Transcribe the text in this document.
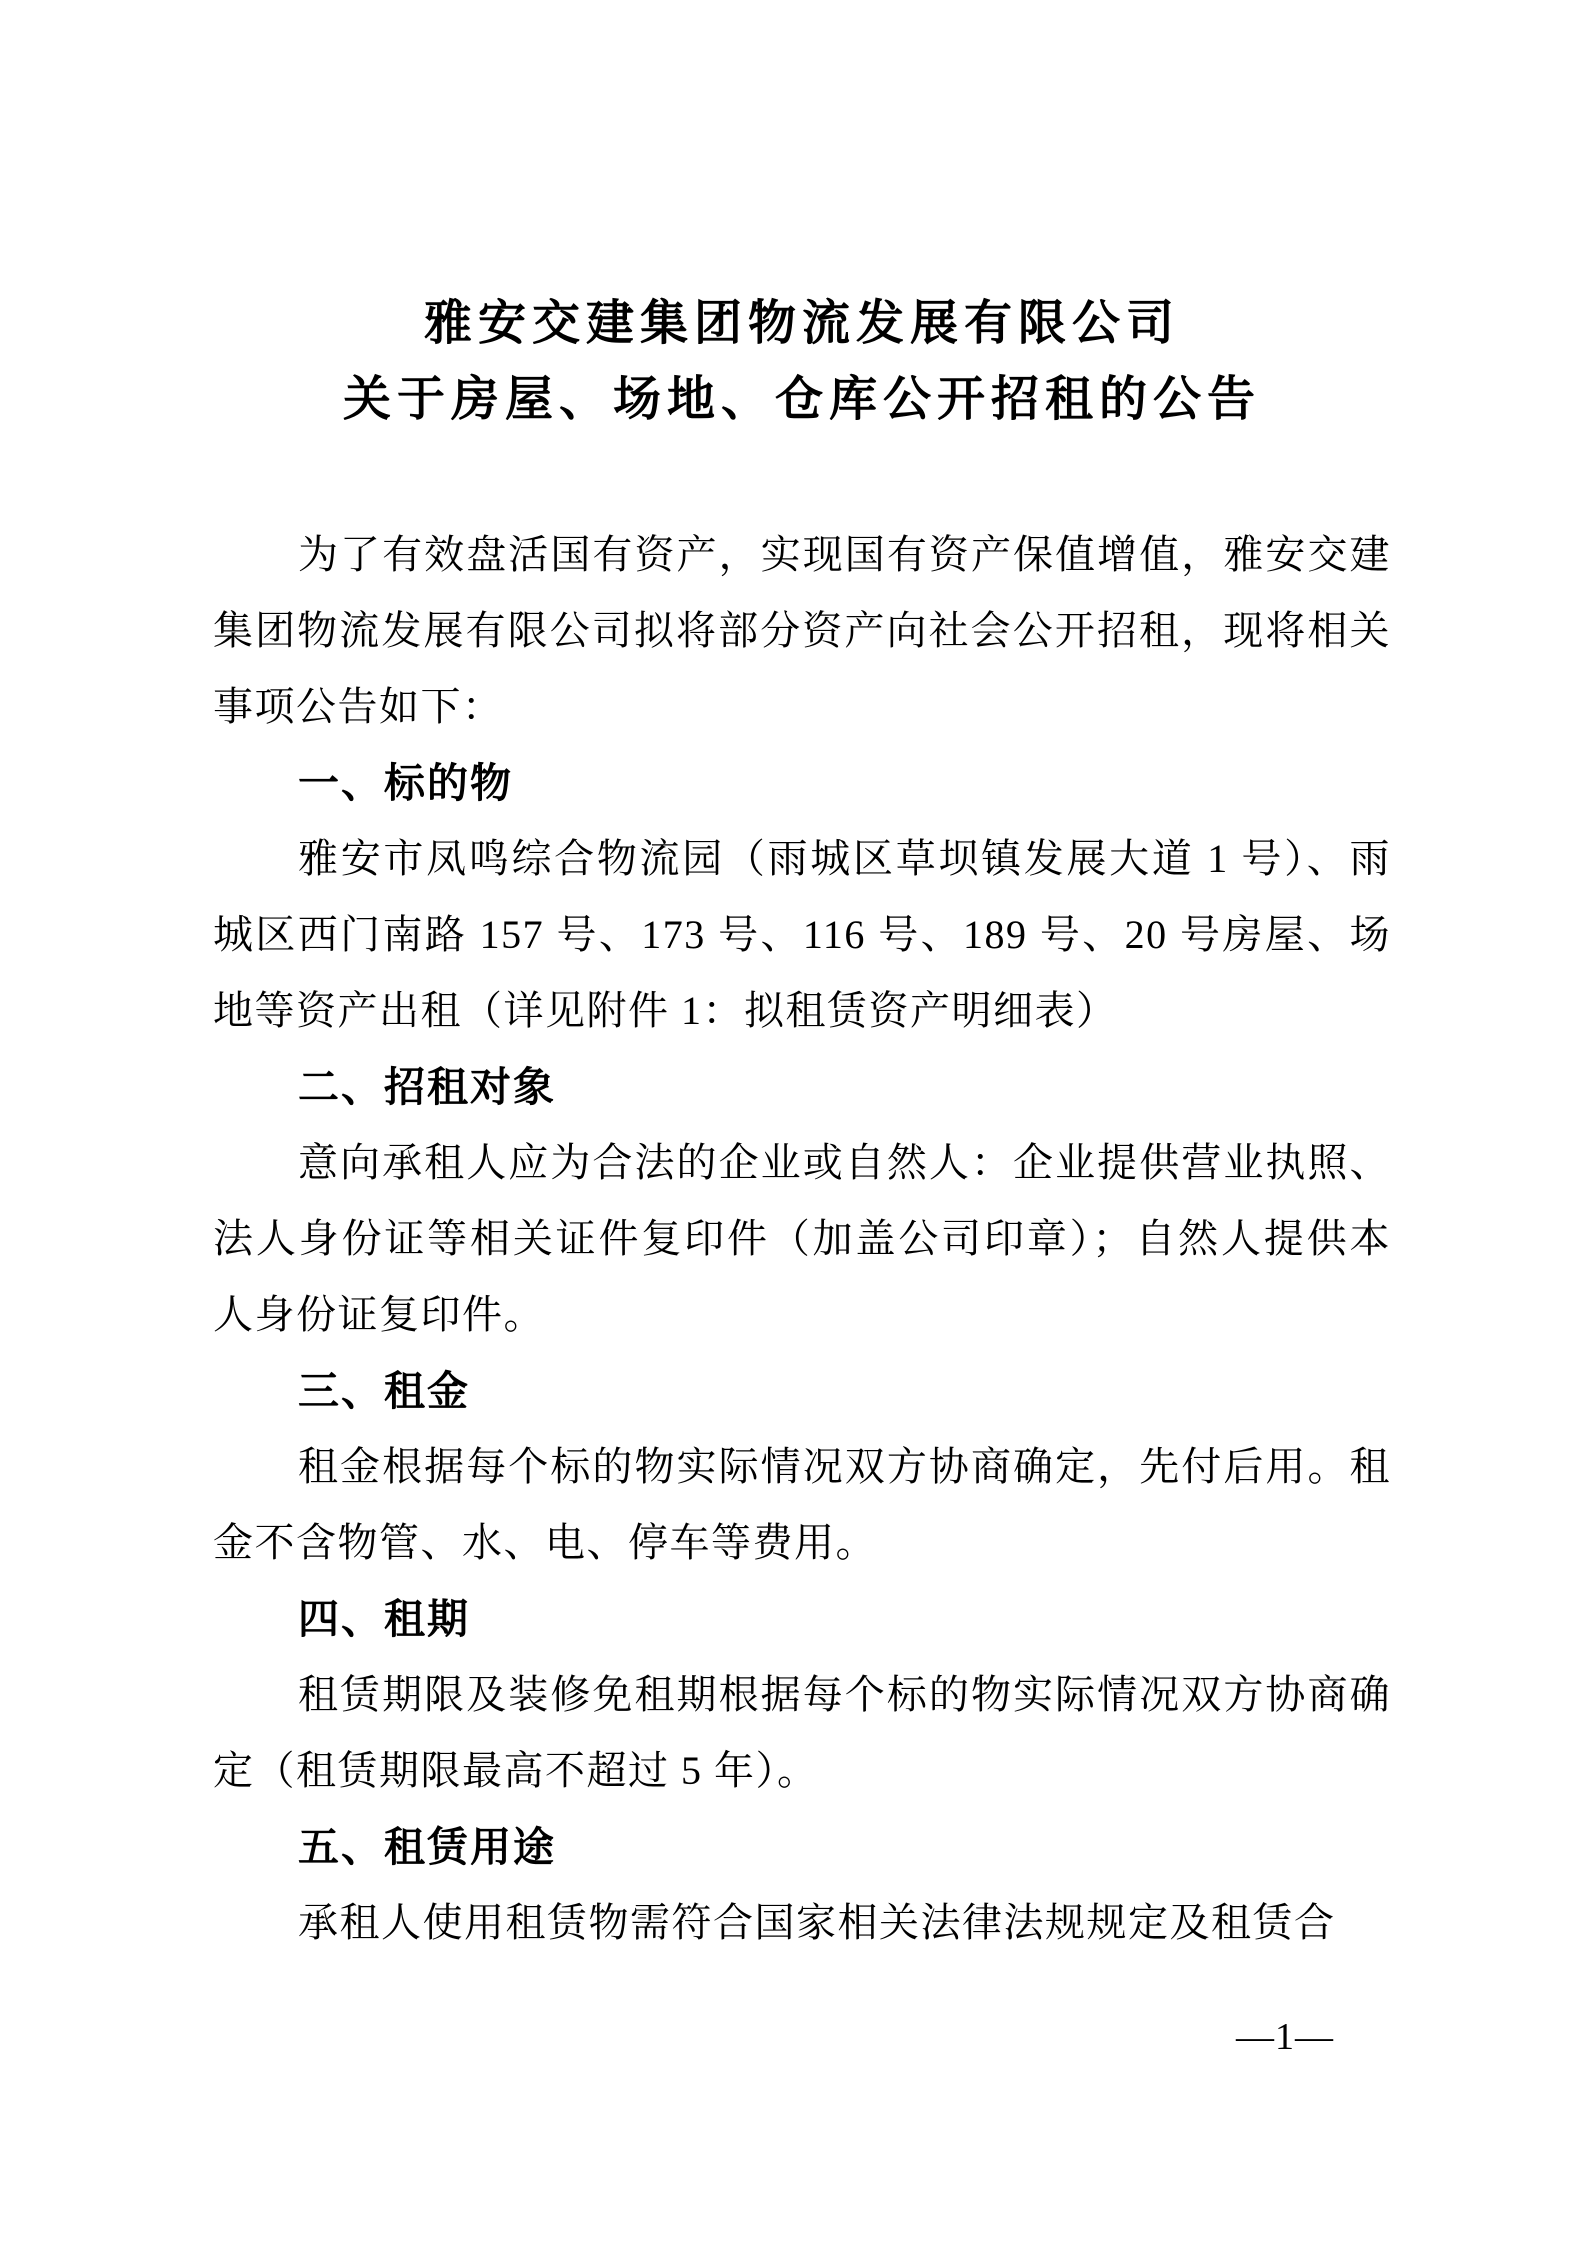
雅安交建集团物流发展有限公司
关于房屋、场地、仓库公开招租的公告

为了有效盘活国有资产，实现国有资产保值增值，雅安交建集团物流发展有限公司拟将部分资产向社会公开招租，现将相关事项公告如下：

一、标的物

雅安市凤鸣综合物流园（雨城区草坝镇发展大道 1 号）、雨城区西门南路 157 号、173 号、116 号、189 号、20 号房屋、场地等资产出租（详见附件 1：拟租赁资产明细表）

二、招租对象

意向承租人应为合法的企业或自然人：企业提供营业执照、法人身份证等相关证件复印件（加盖公司印章）；自然人提供本人身份证复印件。

三、租金

租金根据每个标的物实际情况双方协商确定，先付后用。租金不含物管、水、电、停车等费用。

四、租期

租赁期限及装修免租期根据每个标的物实际情况双方协商确定（租赁期限最高不超过 5 年）。

五、租赁用途

承租人使用租赁物需符合国家相关法律法规规定及租赁合

—1—
